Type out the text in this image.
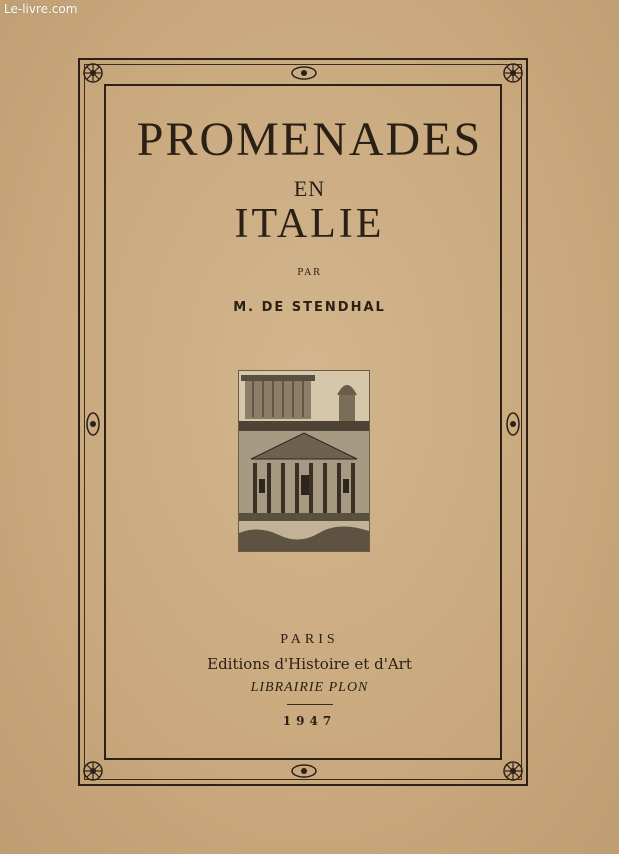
Le-livre.com
PROMENADES
EN
ITALIE
PAR
M. DE STENDHAL
PARIS
Editions d'Histoire et d'Art
LIBRAIRIE PLON
1947
